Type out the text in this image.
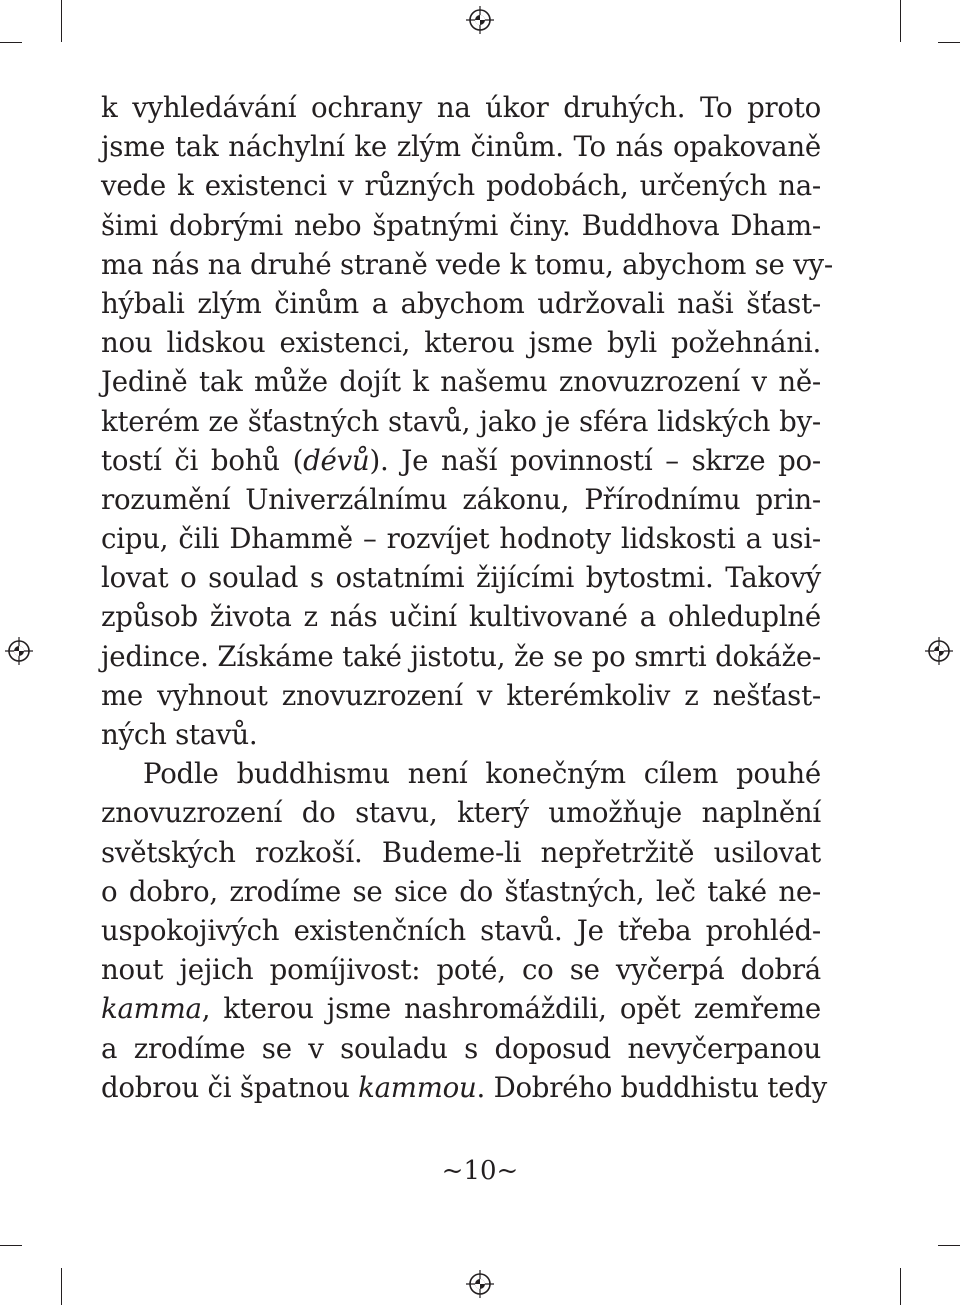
k vyhledávání ochrany na úkor druhých. To proto
jsme tak náchylní ke zlým činům. To nás opakovaně
vede k existenci v různých podobách, určených na-
šimi dobrými nebo špatnými činy. Buddhova Dham-
ma nás na druhé straně vede k tomu, abychom se vy-
hýbali zlým činům a abychom udržovali naši šťast-
nou lidskou existenci, kterou jsme byli požehnáni.
Jedině tak může dojít k našemu znovuzrození v ně-
kterém ze šťastných stavů, jako je sféra lidských by-
tostí či bohů (dévů). Je naší povinností – skrze po-
rozumění Univerzálnímu zákonu, Přírodnímu prin-
cipu, čili Dhammě – rozvíjet hodnoty lidskosti a usi-
lovat o soulad s ostatními žijícími bytostmi. Takový
způsob života z nás učiní kultivované a ohleduplné
jedince. Získáme také jistotu, že se po smrti dokáže-
me vyhnout znovuzrození v kterémkoliv z nešťast-
ných stavů.
Podle buddhismu není konečným cílem pouhé
znovuzrození do stavu, který umožňuje naplnění
světských rozkoší. Budeme-li nepřetržitě usilovat
o dobro, zrodíme se sice do šťastných, leč také ne-
uspokojivých existenčních stavů. Je třeba prohléd-
nout jejich pomíjivost: poté, co se vyčerpá dobrá
kamma, kterou jsme nashromáždili, opět zemřeme
a zrodíme se v souladu s doposud nevyčerpanou
dobrou či špatnou kammou. Dobrého buddhistu tedy
~10~
